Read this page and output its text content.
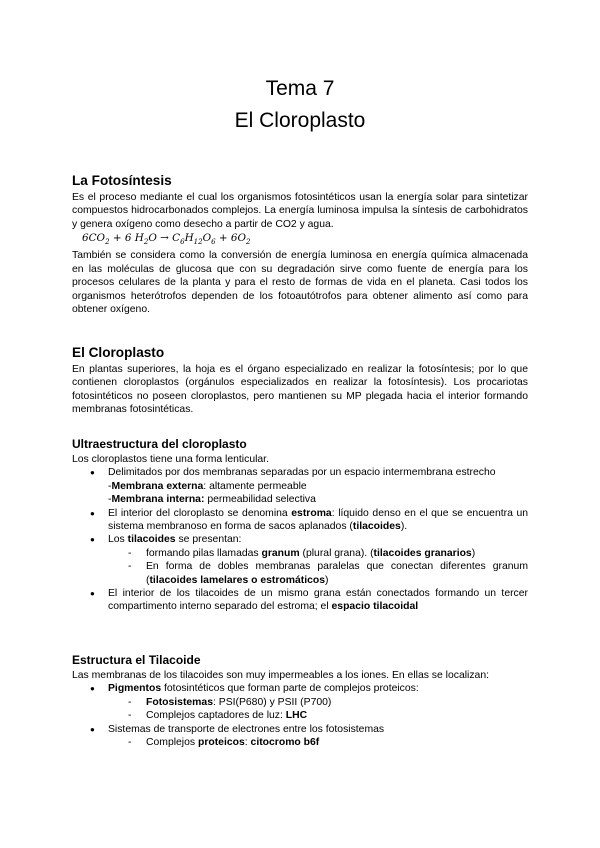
Tema 7
El Cloroplasto
La Fotosíntesis

Es el proceso mediante el cual los organismos fotosintéticos usan la energía solar para sintetizar compuestos hidrocarbonados complejos. La energía luminosa impulsa la síntesis de carbohidratos y genera oxígeno como desecho a partir de CO2 y agua.

$6CO_2 + 6$ $H_2O \to C_6H_{12}O_6 + 6O_2$

También se considera como la conversión de energía luminosa en energía química almacenada en las moléculas de glucosa que con su degradación sirve como fuente de energía para los procesos celulares de la planta y para el resto de formas de vida en el planeta. Casi todos los organismos heterótrofos dependen de los fotoautótrofos para obtener alimento así como para obtener oxígeno.

El Cloroplasto

En plantas superiores, la hoja es el órgano especializado en realizar la fotosíntesis; por lo que contienen cloroplastos (orgánulos especializados en realizar la fotosíntesis). Los procariotas fotosintéticos no poseen cloroplastos, pero mantienen su MP plegada hacia el interior formando membranas fotosintéticas.

Ultraestructura del cloroplasto

Los cloroplastos tiene una forma lenticular.

● Delimitados por dos membranas separadas por un espacio intermembrana estrecho
-Membrana externa: altamente permeable
-Membrana interna: permeabilidad selectiva
● El interior del cloroplasto se denomina estroma: líquido denso en el que se encuentra un sistema membranoso en forma de sacos aplanados (tilacoides).
● Los tilacoides se presentan:
- formando pilas llamadas granum (plural grana). (tilacoides granarios)
- En forma de dobles membranas paralelas que conectan diferentes granum (tilacoides lamelares o estromáticos)
● El interior de los tilacoides de un mismo grana están conectados formando un tercer compartimento interno separado del estroma; el espacio tilacoidal
Estructura el Tilacoide

Las membranas de los tilacoides son muy impermeables a los iones. En ellas se localizan:

● Pigmentos fotosintéticos que forman parte de complejos proteicos:
- Fotosistemas: PSI(P680) y PSII (P700)
- Complejos captadores de luz: LHC
● Sistemas de transporte de electrones entre los fotosistemas
- Complejos proteicos: citocromo b6f
